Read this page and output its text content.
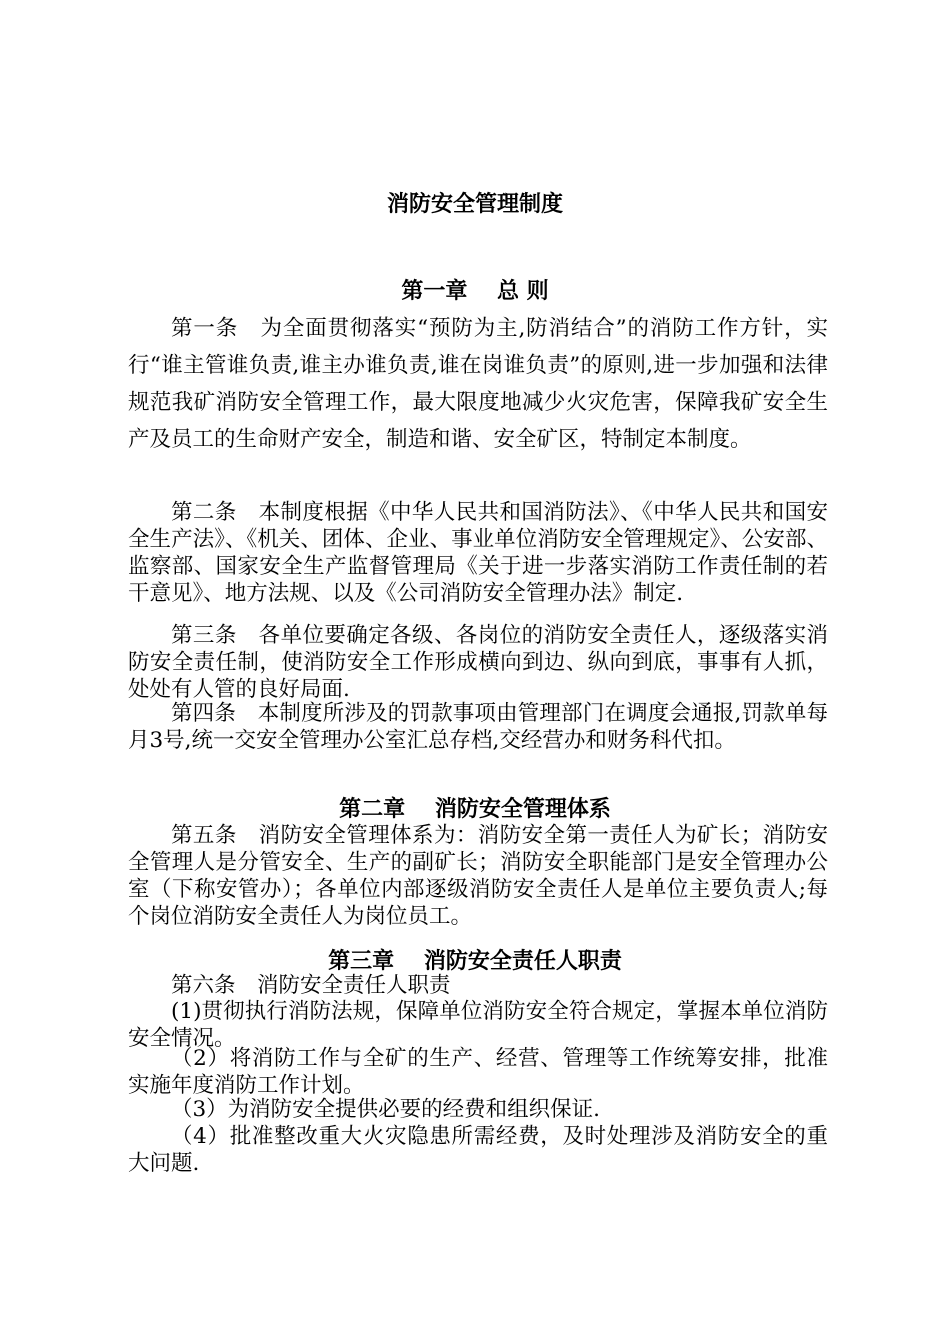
消防安全管理制度
第一章　 总 则

第一条　为全面贯彻落实“预防为主,防消结合”的消防工作方针，实行“谁主管谁负责,谁主办谁负责,谁在岗谁负责”的原则,进一步加强和法律规范我矿消防安全管理工作，最大限度地减少火灾危害，保障我矿安全生产及员工的生命财产安全，制造和谐、安全矿区，特制定本制度。

第二条　本制度根据《中华人民共和国消防法》、《中华人民共和国安全生产法》、《机关、团体、企业、事业单位消防安全管理规定》、公安部、监察部、国家安全生产监督管理局《关于进一步落实消防工作责任制的若干意见》、地方法规、以及《公司消防安全管理办法》制定.

第三条　各单位要确定各级、各岗位的消防安全责任人，逐级落实消防安全责任制，使消防安全工作形成横向到边、纵向到底，事事有人抓，处处有人管的良好局面.

第四条　本制度所涉及的罚款事项由管理部门在调度会通报,罚款单每月3号,统一交安全管理办公室汇总存档,交经营办和财务科代扣。

第二章　 消防安全管理体系

第五条　消防安全管理体系为：消防安全第一责任人为矿长；消防安全管理人是分管安全、生产的副矿长；消防安全职能部门是安全管理办公室（下称安管办）；各单位内部逐级消防安全责任人是单位主要负责人;每个岗位消防安全责任人为岗位员工。

第三章　 消防安全责任人职责

第六条　消防安全责任人职责

(1)贯彻执行消防法规，保障单位消防安全符合规定，掌握本单位消防安全情况。

（2）将消防工作与全矿的生产、经营、管理等工作统筹安排，批准实施年度消防工作计划。

（3）为消防安全提供必要的经费和组织保证.

（4）批准整改重大火灾隐患所需经费，及时处理涉及消防安全的重大问题.
